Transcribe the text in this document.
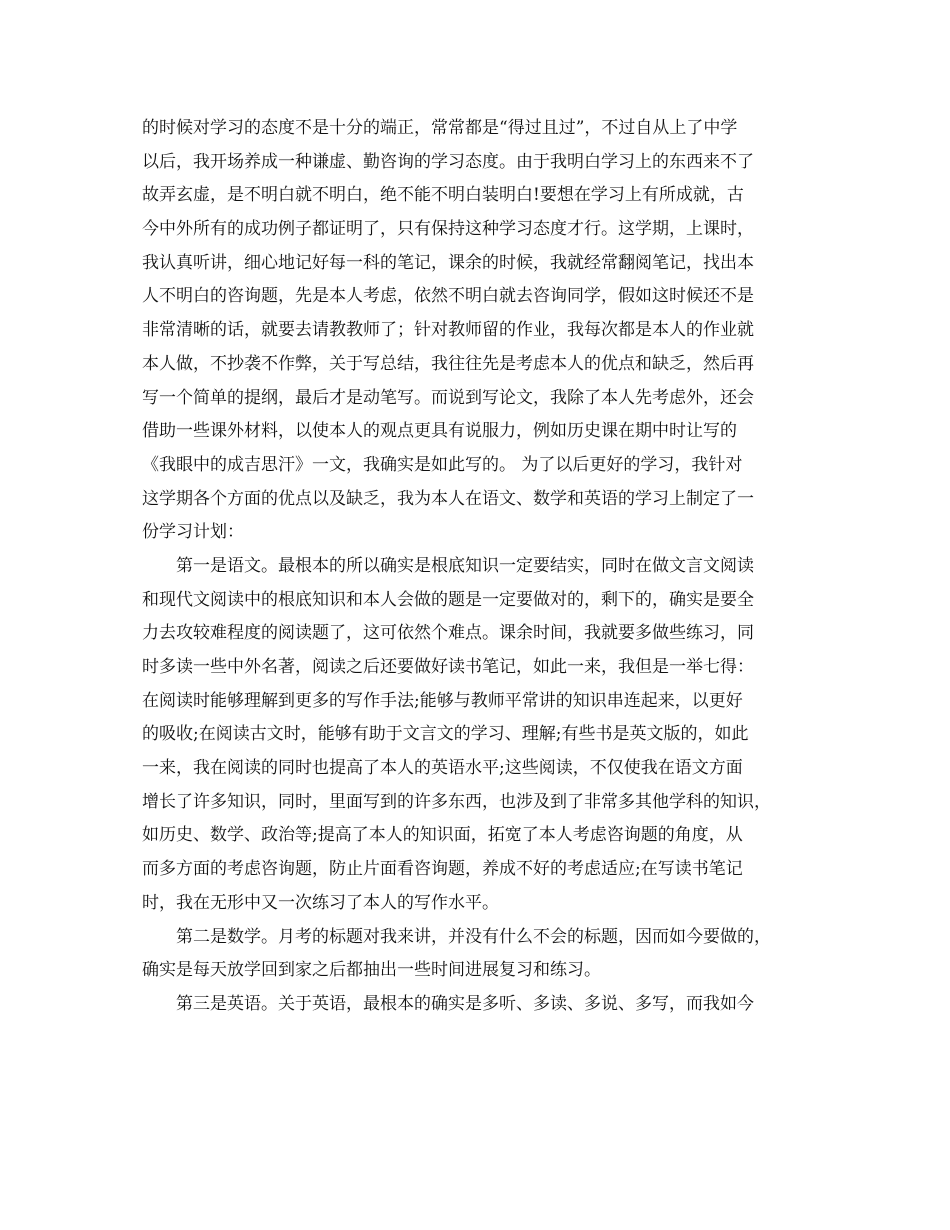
的时候对学习的态度不是十分的端正，常常都是“得过且过”，不过自从上了中学
以后，我开场养成一种谦虚、勤咨询的学习态度。由于我明白学习上的东西来不了
故弄玄虚，是不明白就不明白，绝不能不明白装明白!要想在学习上有所成就，古
今中外所有的成功例子都证明了，只有保持这种学习态度才行。这学期，上课时，
我认真听讲，细心地记好每一科的笔记，课余的时候，我就经常翻阅笔记，找出本
人不明白的咨询题，先是本人考虑，依然不明白就去咨询同学，假如这时候还不是
非常清晰的话，就要去请教教师了；针对教师留的作业，我每次都是本人的作业就
本人做，不抄袭不作弊，关于写总结，我往往先是考虑本人的优点和缺乏，然后再
写一个简单的提纲，最后才是动笔写。而说到写论文，我除了本人先考虑外，还会
借助一些课外材料，以使本人的观点更具有说服力，例如历史课在期中时让写的
《我眼中的成吉思汗》一文，我确实是如此写的。 为了以后更好的学习，我针对
这学期各个方面的优点以及缺乏，我为本人在语文、数学和英语的学习上制定了一
份学习计划：
第一是语文。最根本的所以确实是根底知识一定要结实，同时在做文言文阅读
和现代文阅读中的根底知识和本人会做的题是一定要做对的，剩下的，确实是要全
力去攻较难程度的阅读题了，这可依然个难点。课余时间，我就要多做些练习，同
时多读一些中外名著，阅读之后还要做好读书笔记，如此一来，我但是一举七得：
在阅读时能够理解到更多的写作手法;能够与教师平常讲的知识串连起来，以更好
的吸收;在阅读古文时，能够有助于文言文的学习、理解;有些书是英文版的，如此
一来，我在阅读的同时也提高了本人的英语水平;这些阅读，不仅使我在语文方面
增长了许多知识，同时，里面写到的许多东西，也涉及到了非常多其他学科的知识，
如历史、数学、政治等;提高了本人的知识面，拓宽了本人考虑咨询题的角度，从
而多方面的考虑咨询题，防止片面看咨询题，养成不好的考虑适应;在写读书笔记
时，我在无形中又一次练习了本人的写作水平。
第二是数学。月考的标题对我来讲，并没有什么不会的标题，因而如今要做的，
确实是每天放学回到家之后都抽出一些时间进展复习和练习。
第三是英语。关于英语，最根本的确实是多听、多读、多说、多写，而我如今
